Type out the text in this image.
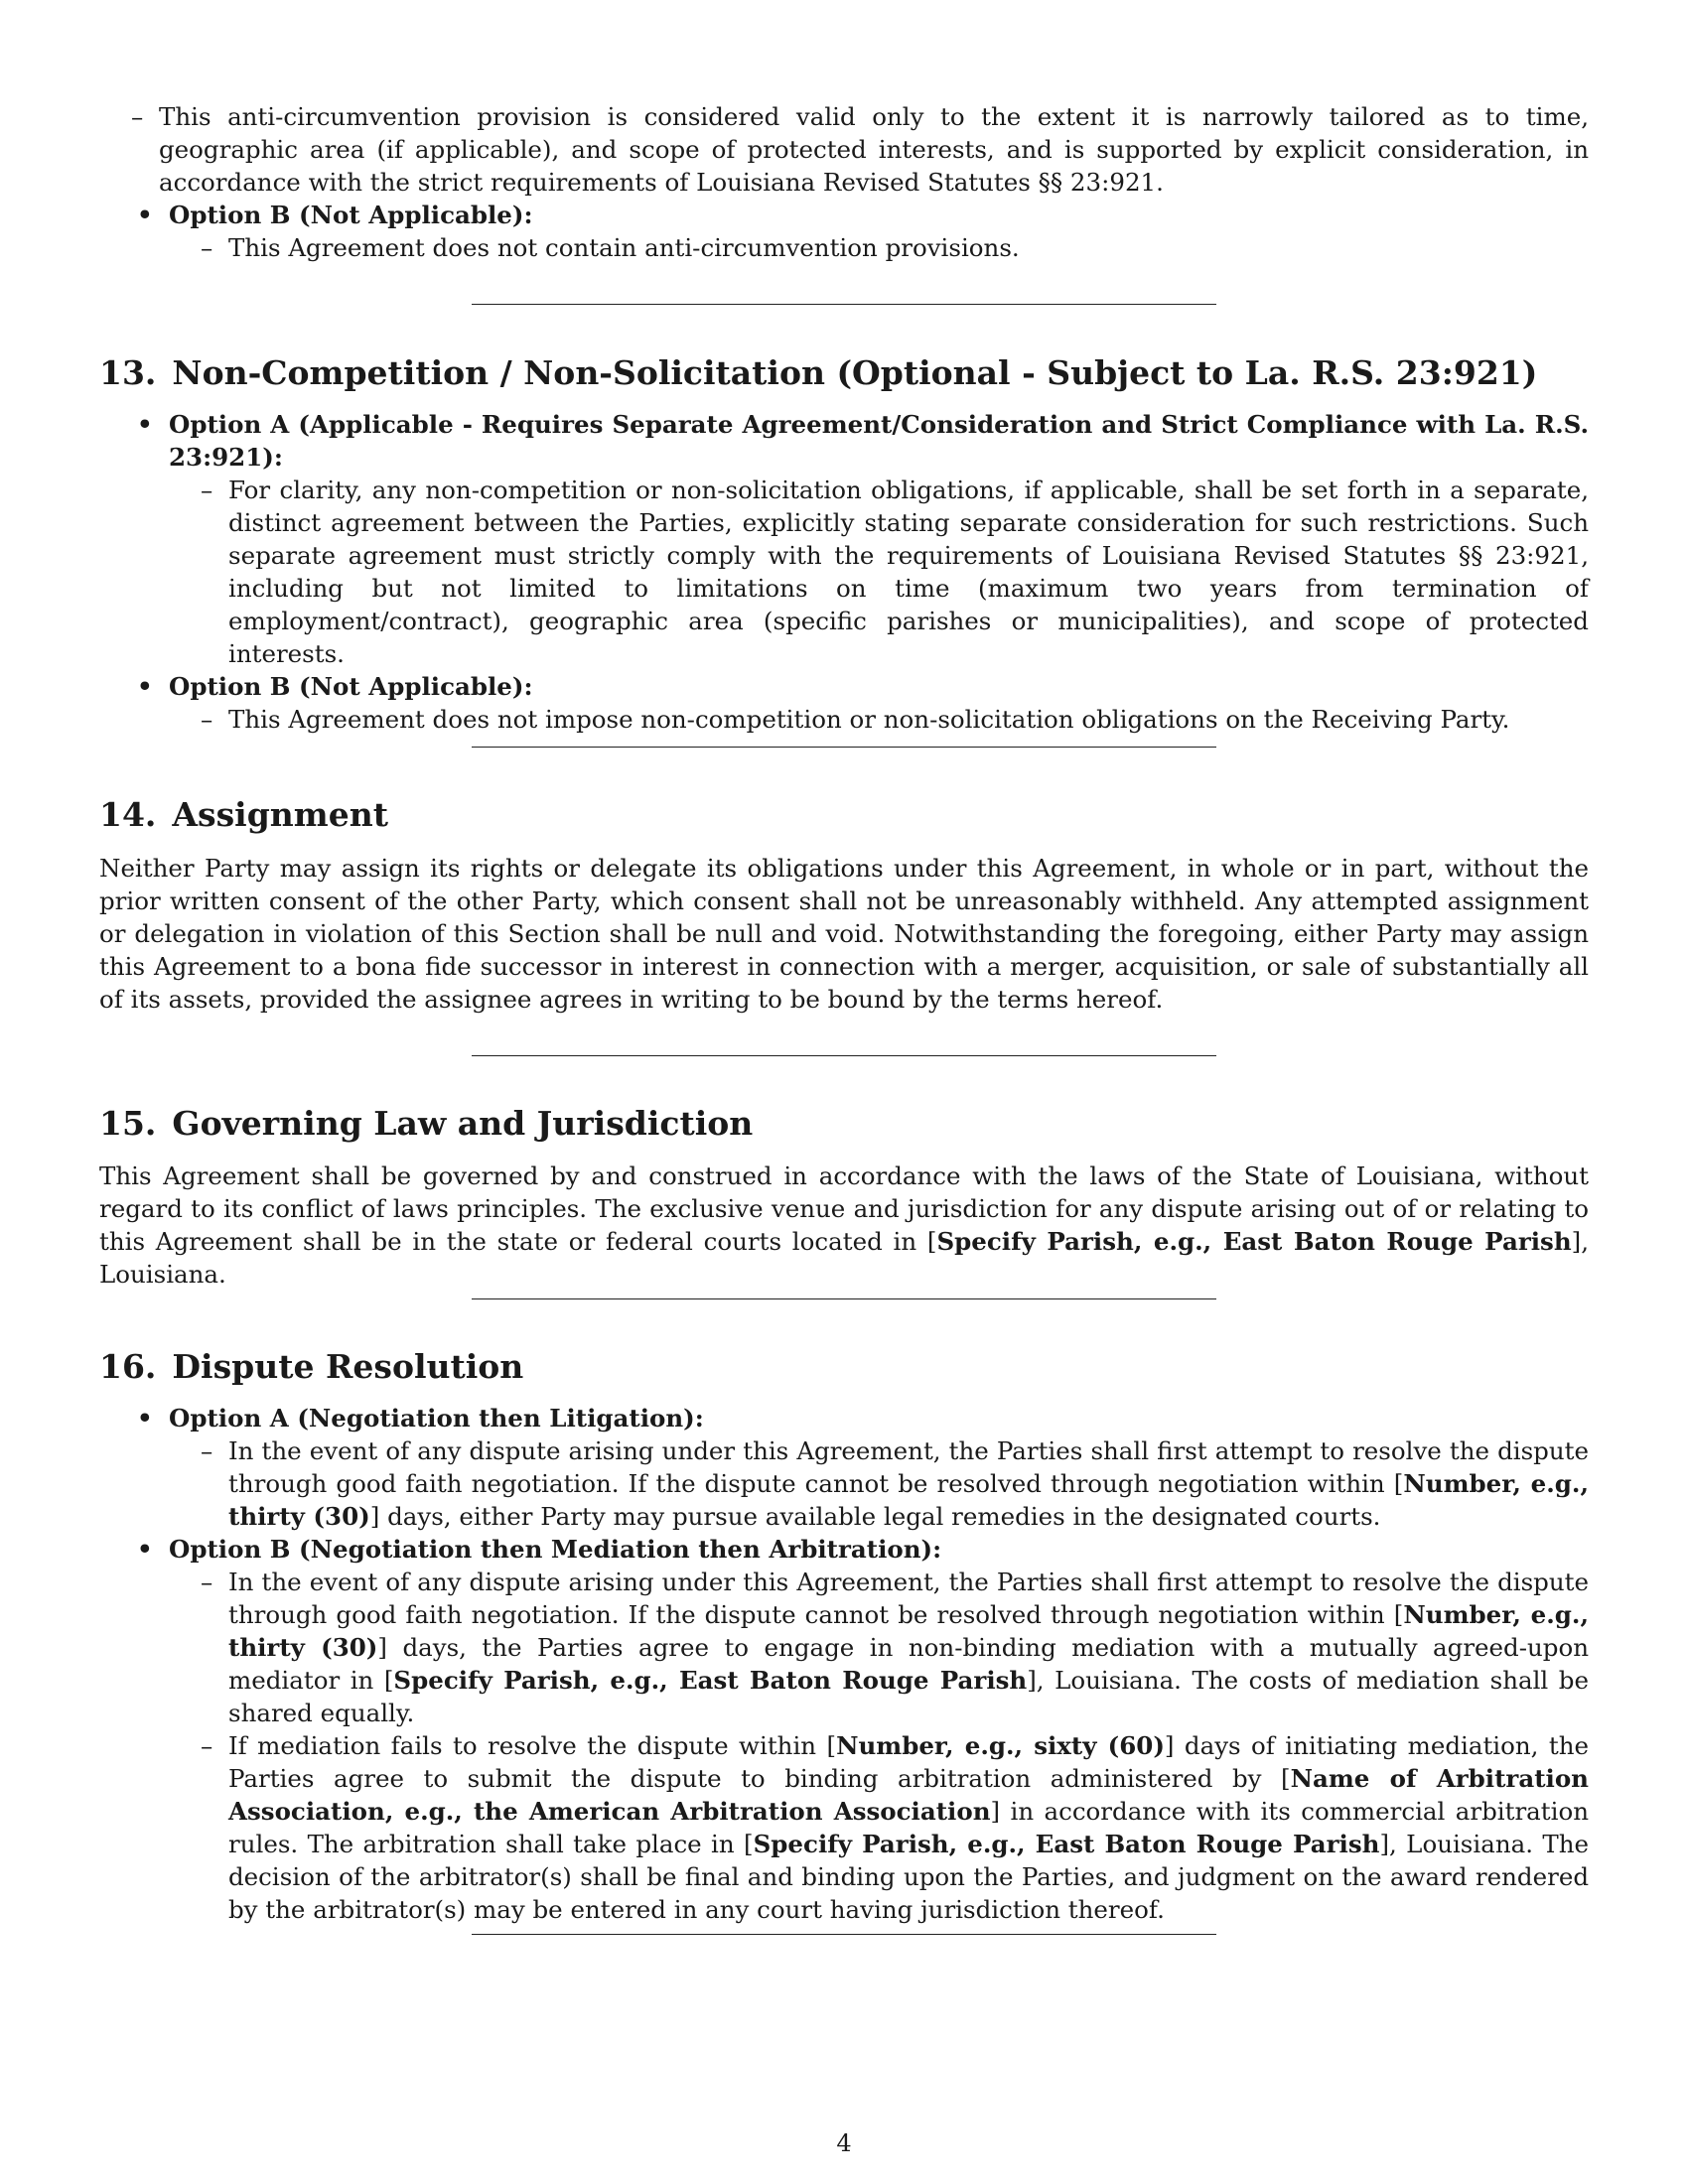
– This anti-circumvention provision is considered valid only to the extent it is narrowly tailored as to time, geographic area (if applicable), and scope of protected interests, and is supported by explicit consideration, in accordance with the strict requirements of Louisiana Revised Statutes §§ 23:921.
• Option B (Not Applicable):
– This Agreement does not contain anti-circumvention provisions.
13. Non-Competition / Non-Solicitation (Optional - Subject to La. R.S. 23:921)
• Option A (Applicable - Requires Separate Agreement/Consideration and Strict Compliance with La. R.S. 23:921):
– For clarity, any non-competition or non-solicitation obligations, if applicable, shall be set forth in a separate, distinct agreement between the Parties, explicitly stating separate consideration for such restrictions. Such separate agreement must strictly comply with the requirements of Louisiana Revised Statutes §§ 23:921, including but not limited to limitations on time (maximum two years from termination of employment/contract), geographic area (specific parishes or municipalities), and scope of protected interests.
• Option B (Not Applicable):
– This Agreement does not impose non-competition or non-solicitation obligations on the Receiving Party.
14. Assignment
Neither Party may assign its rights or delegate its obligations under this Agreement, in whole or in part, without the prior written consent of the other Party, which consent shall not be unreasonably withheld. Any attempted assignment or delegation in violation of this Section shall be null and void. Notwithstanding the foregoing, either Party may assign this Agreement to a bona fide successor in interest in connection with a merger, acquisition, or sale of substantially all of its assets, provided the assignee agrees in writing to be bound by the terms hereof.
15. Governing Law and Jurisdiction
This Agreement shall be governed by and construed in accordance with the laws of the State of Louisiana, without regard to its conflict of laws principles. The exclusive venue and jurisdiction for any dispute arising out of or relating to this Agreement shall be in the state or federal courts located in [Specify Parish, e.g., East Baton Rouge Parish], Louisiana.
16. Dispute Resolution
• Option A (Negotiation then Litigation):
– In the event of any dispute arising under this Agreement, the Parties shall first attempt to resolve the dispute through good faith negotiation. If the dispute cannot be resolved through negotiation within [Number, e.g., thirty (30)] days, either Party may pursue available legal remedies in the designated courts.
• Option B (Negotiation then Mediation then Arbitration):
– In the event of any dispute arising under this Agreement, the Parties shall first attempt to resolve the dispute through good faith negotiation. If the dispute cannot be resolved through negotiation within [Number, e.g., thirty (30)] days, the Parties agree to engage in non-binding mediation with a mutually agreed-upon mediator in [Specify Parish, e.g., East Baton Rouge Parish], Louisiana. The costs of mediation shall be shared equally.
– If mediation fails to resolve the dispute within [Number, e.g., sixty (60)] days of initiating mediation, the Parties agree to submit the dispute to binding arbitration administered by [Name of Arbitration Association, e.g., the American Arbitration Association] in accordance with its commercial arbitration rules. The arbitration shall take place in [Specify Parish, e.g., East Baton Rouge Parish], Louisiana. The decision of the arbitrator(s) shall be final and binding upon the Parties, and judgment on the award rendered by the arbitrator(s) may be entered in any court having jurisdiction thereof.
4
